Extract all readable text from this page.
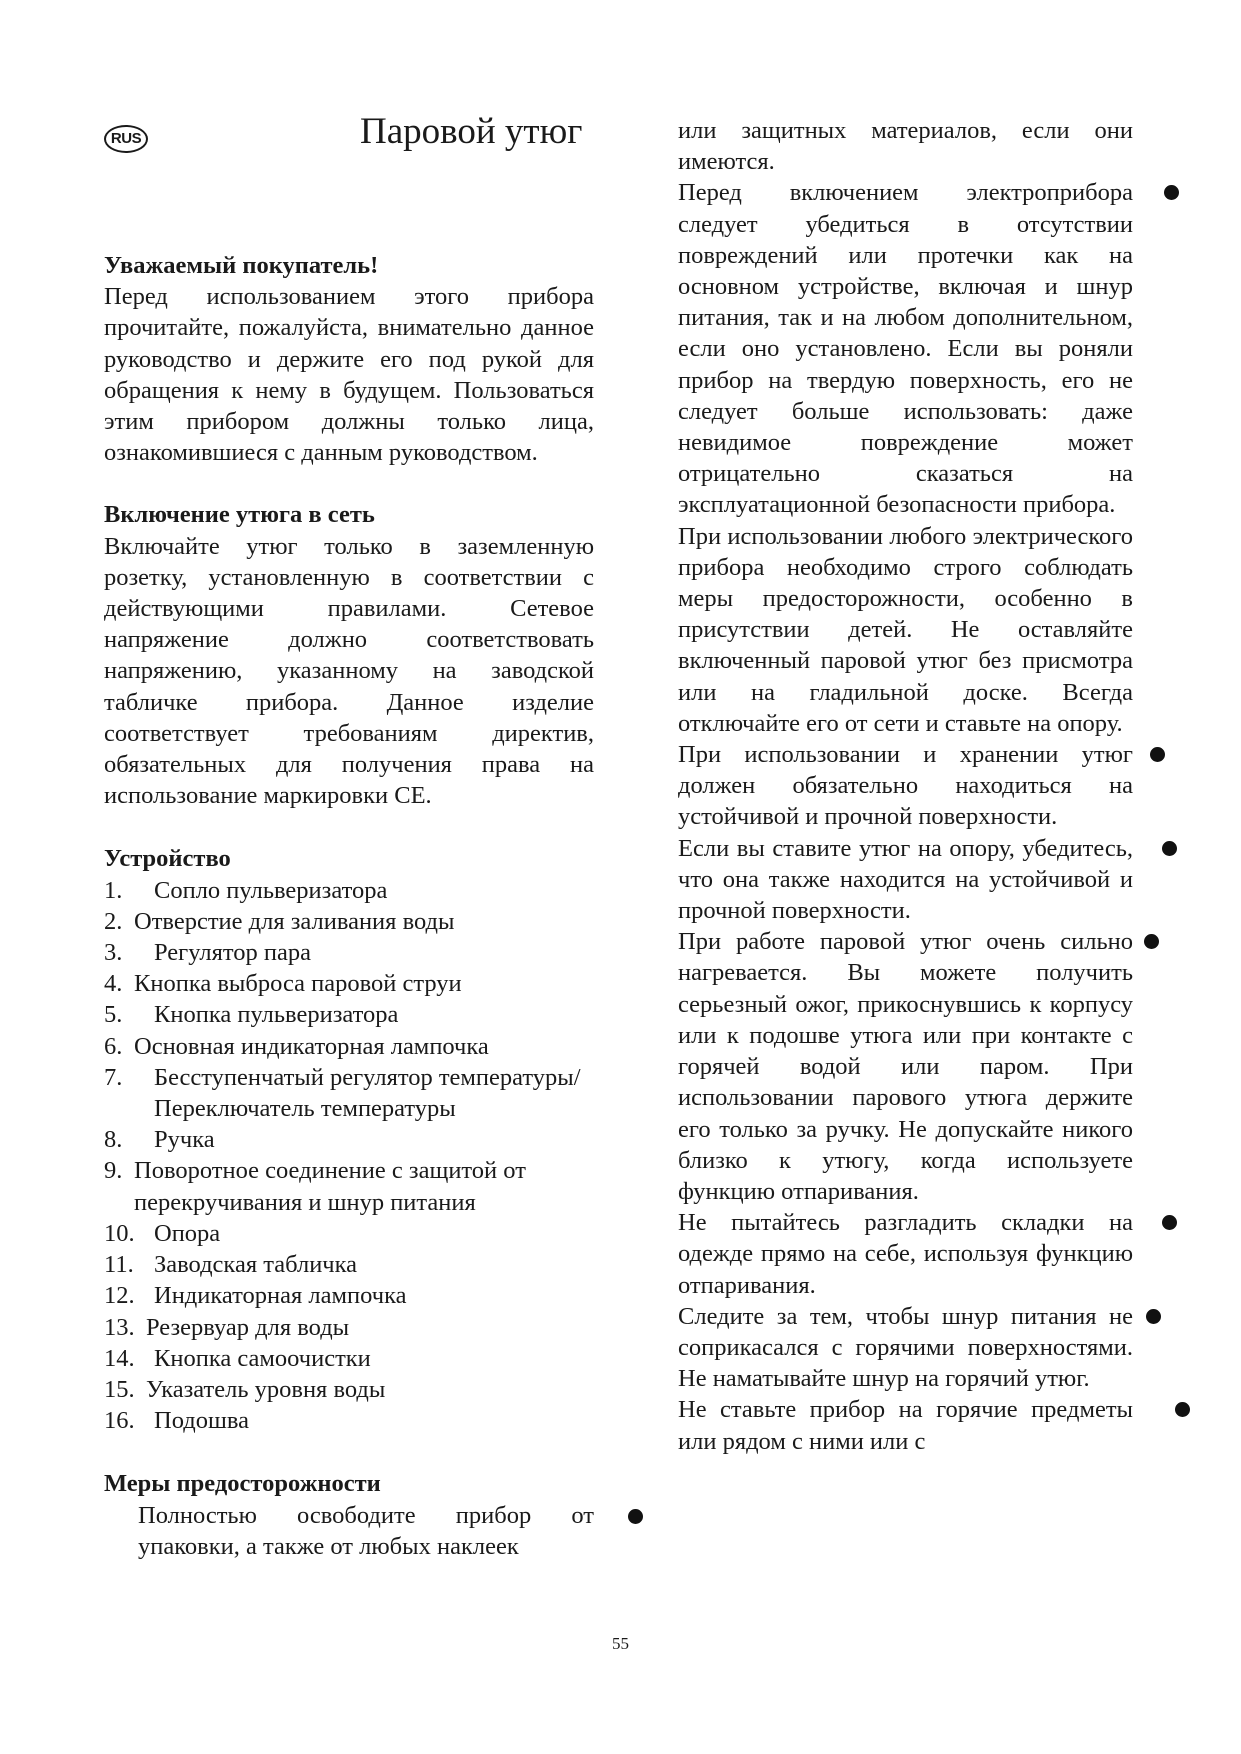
RUS	Паровой утюг

Уважаемый покупатель!

Перед использованием этого прибора прочитайте, пожалуйста, внимательно данное руководство и держите его под рукой для обращения к нему в будущем. Пользоваться этим прибором должны только лица, ознакомившиеся с данным руководством.

Включение утюга в сеть

Включайте утюг только в заземленную розетку, установленную в соответствии с действующими правилами. Сетевое напряжение должно соответствовать напряжению, указанному на заводской табличке прибора. Данное изделие соответствует требованиям директив, обязательных для получения права на использование маркировки CE.

Устройство

1.	Сопло пульверизатора
2. Отверстие для заливания воды
3.	Регулятор пара
4. Кнопка выброса паровой струи
5.	Кнопка пульверизатора
6. Основная индикаторная лампочка
7.	Бесступенчатый регулятор температуры/ Переключатель температуры
8.	Ручка
9. Поворотное соединение с защитой от перекручивания и шнур питания
10. Опора
11. Заводская табличка
12. Индикаторная лампочка
13. Резервуар для воды
14. Кнопка самоочистки
15. Указатель уровня воды
16. Подошва

Меры предосторожности

Полностью освободите прибор от упаковки, а также от любых наклеек

или защитных материалов, если они имеются.

Перед включением электроприбора следует убедиться в отсутствии повреждений или протечки как на основном устройстве, включая и шнур питания, так и на любом дополнительном, если оно установлено. Если вы роняли прибор на твердую поверхность, его не следует больше использовать: даже невидимое повреждение может отрицательно сказаться на эксплуатационной безопасности прибора.

При использовании любого электрического прибора необходимо строго соблюдать меры предосторожности, особенно в присутствии детей. Не оставляйте включенный паровой утюг без присмотра или на гладильной доске. Всегда отключайте его от сети и ставьте на опору.

При использовании и хранении утюг должен обязательно находиться на устойчивой и прочной поверхности.

Если вы ставите утюг на опору, убедитесь, что она также находится на устойчивой и прочной поверхности.

При работе паровой утюг очень сильно нагревается. Вы можете получить серьезный ожог, прикоснувшись к корпусу или к подошве утюга или при контакте с горячей водой или паром. При использовании парового утюга держите его только за ручку. Не допускайте никого близко к утюгу, когда используете функцию отпаривания.

Не пытайтесь разгладить складки на одежде прямо на себе, используя функцию отпаривания.

Следите за тем, чтобы шнур питания не соприкасался с горячими поверхностями. Не наматывайте шнур на горячий утюг.

Не ставьте прибор на горячие предметы или рядом с ними или с

55
